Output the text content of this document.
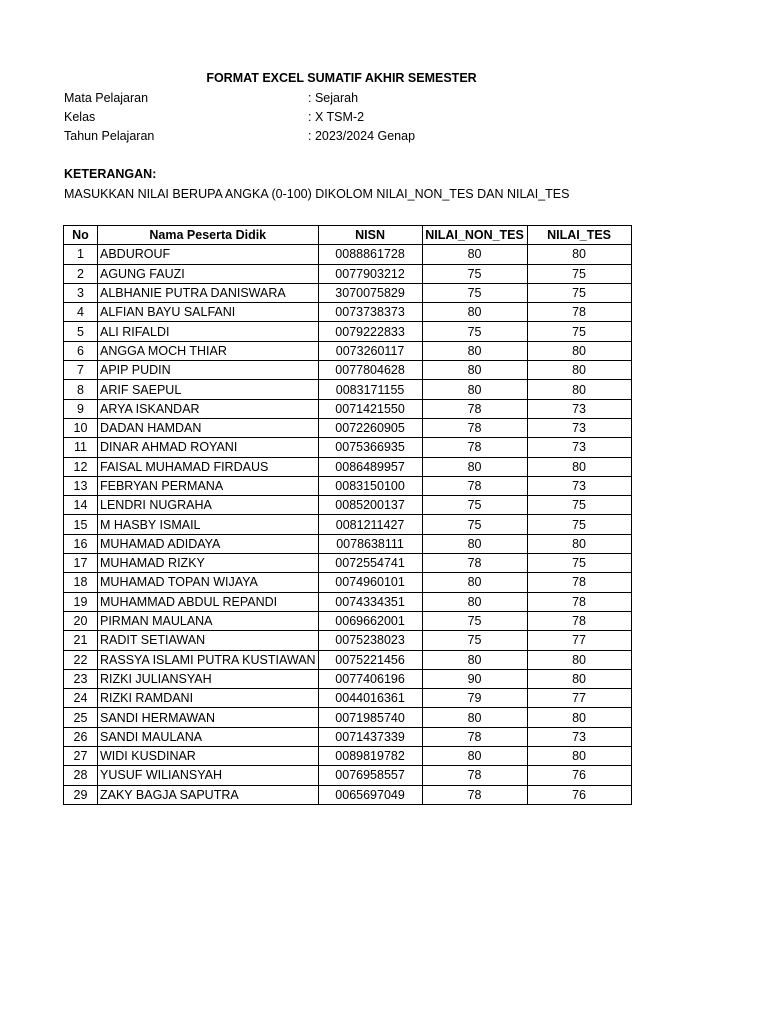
FORMAT EXCEL SUMATIF AKHIR SEMESTER
Mata Pelajaran	: Sejarah
Kelas	: X TSM-2
Tahun Pelajaran	: 2023/2024 Genap
KETERANGAN:
MASUKKAN NILAI BERUPA ANGKA (0-100) DIKOLOM NILAI_NON_TES DAN NILAI_TES
No	Nama Peserta Didik	NISN	NILAI_NON_TES	NILAI_TES
1	ABDUROUF	0088861728	80	80
2	AGUNG FAUZI	0077903212	75	75
3	ALBHANIE PUTRA DANISWARA	3070075829	75	75
4	ALFIAN BAYU SALFANI	0073738373	80	78
5	ALI RIFALDI	0079222833	75	75
6	ANGGA MOCH THIAR	0073260117	80	80
7	APIP PUDIN	0077804628	80	80
8	ARIF SAEPUL	0083171155	80	80
9	ARYA ISKANDAR	0071421550	78	73
10	DADAN HAMDAN	0072260905	78	73
11	DINAR AHMAD ROYANI	0075366935	78	73
12	FAISAL MUHAMAD FIRDAUS	0086489957	80	80
13	FEBRYAN PERMANA	0083150100	78	73
14	LENDRI NUGRAHA	0085200137	75	75
15	M HASBY ISMAIL	0081211427	75	75
16	MUHAMAD ADIDAYA	0078638111	80	80
17	MUHAMAD RIZKY	0072554741	78	75
18	MUHAMAD TOPAN WIJAYA	0074960101	80	78
19	MUHAMMAD ABDUL REPANDI	0074334351	80	78
20	PIRMAN MAULANA	0069662001	75	78
21	RADIT SETIAWAN	0075238023	75	77
22	RASSYA ISLAMI PUTRA KUSTIAWAN	0075221456	80	80
23	RIZKI JULIANSYAH	0077406196	90	80
24	RIZKI RAMDANI	0044016361	79	77
25	SANDI HERMAWAN	0071985740	80	80
26	SANDI MAULANA	0071437339	78	73
27	WIDI KUSDINAR	0089819782	80	80
28	YUSUF WILIANSYAH	0076958557	78	76
29	ZAKY BAGJA SAPUTRA	0065697049	78	76
